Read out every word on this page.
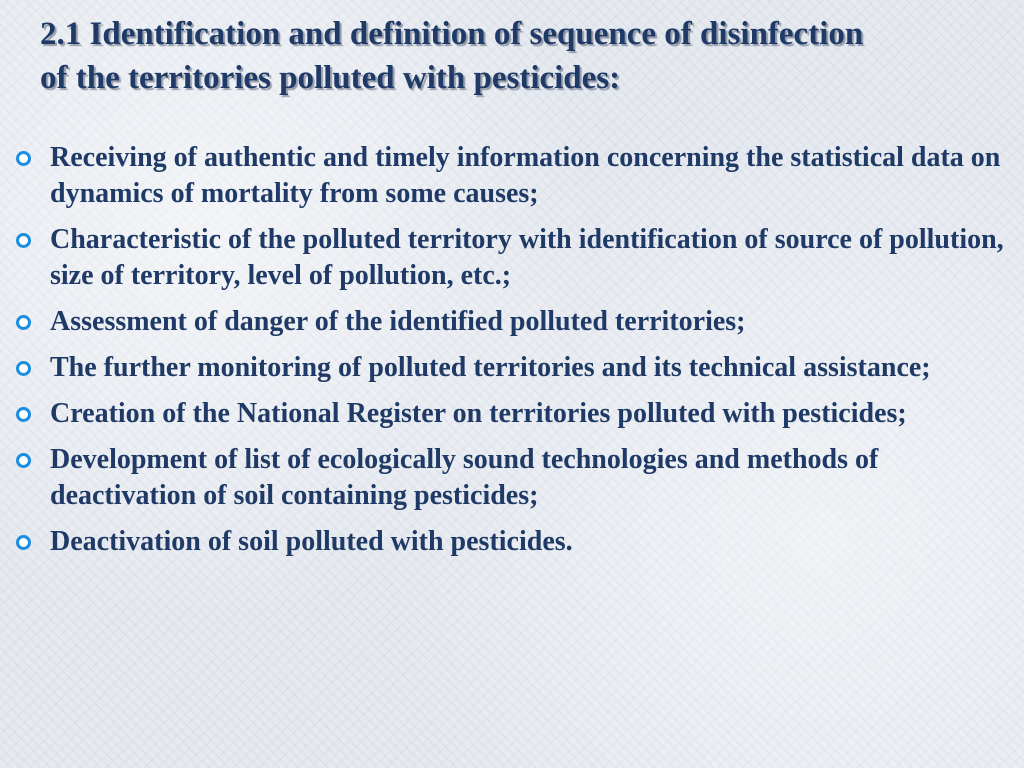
2.1 Identification and definition of sequence of disinfection
of the territories polluted with pesticides:
Receiving of authentic and timely information concerning the statistical data on dynamics of mortality from some causes;
Characteristic of the polluted territory with identification of source of pollution, size of territory, level of pollution, etc.;
Assessment of danger of the identified polluted territories;
The further monitoring of polluted territories and its technical assistance;
Creation of the National Register on territories polluted with pesticides;
Development of list of ecologically sound technologies and methods of deactivation of soil containing pesticides;
Deactivation of soil polluted with pesticides.
